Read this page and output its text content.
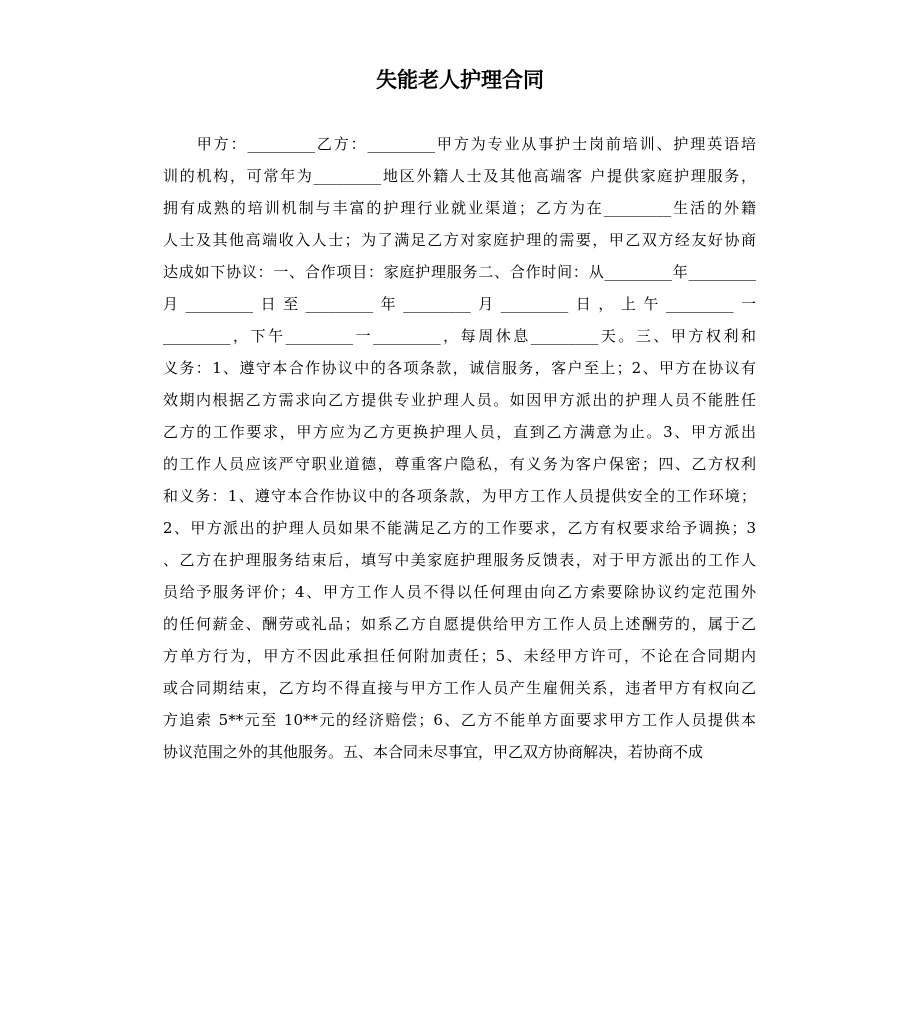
失能老人护理合同
　　甲方：_________乙方：_________甲方为专业从事护士岗前培训、护理英语培
训的机构，可常年为_________地区外籍人士及其他高端客 户提供家庭护理服务，
拥有成熟的培训机制与丰富的护理行业就业渠道；乙方为在_________生活的外籍
人士及其他高端收入人士；为了满足乙方对家庭护理的需要，甲乙双方经友好协商
达成如下协议：一、合作项目：家庭护理服务二、合作时间：从_________年_________
月_________日至_________年_________月_________日，上午_________一
_________，下午_________一_________，每周休息_________天。三、甲方权利和
义务：1、遵守本合作协议中的各项条款，诚信服务，客户至上；2、甲方在协议有
效期内根据乙方需求向乙方提供专业护理人员。如因甲方派出的护理人员不能胜任
乙方的工作要求，甲方应为乙方更换护理人员，直到乙方满意为止。3、甲方派出
的工作人员应该严守职业道德，尊重客户隐私，有义务为客户保密；四、乙方权利
和义务：1、遵守本合作协议中的各项条款，为甲方工作人员提供安全的工作环境；
2、甲方派出的护理人员如果不能满足乙方的工作要求，乙方有权要求给予调换；3
、乙方在护理服务结束后，填写中美家庭护理服务反馈表，对于甲方派出的工作人
员给予服务评价；4、甲方工作人员不得以任何理由向乙方索要除协议约定范围外
的任何薪金、酬劳或礼品；如系乙方自愿提供给甲方工作人员上述酬劳的，属于乙
方单方行为，甲方不因此承担任何附加责任；5、未经甲方许可，不论在合同期内
或合同期结束，乙方均不得直接与甲方工作人员产生雇佣关系，违者甲方有权向乙
方追索 5**元至 10**元的经济赔偿；6、乙方不能单方面要求甲方工作人员提供本
协议范围之外的其他服务。五、本合同未尽事宜，甲乙双方协商解决，若协商不成
